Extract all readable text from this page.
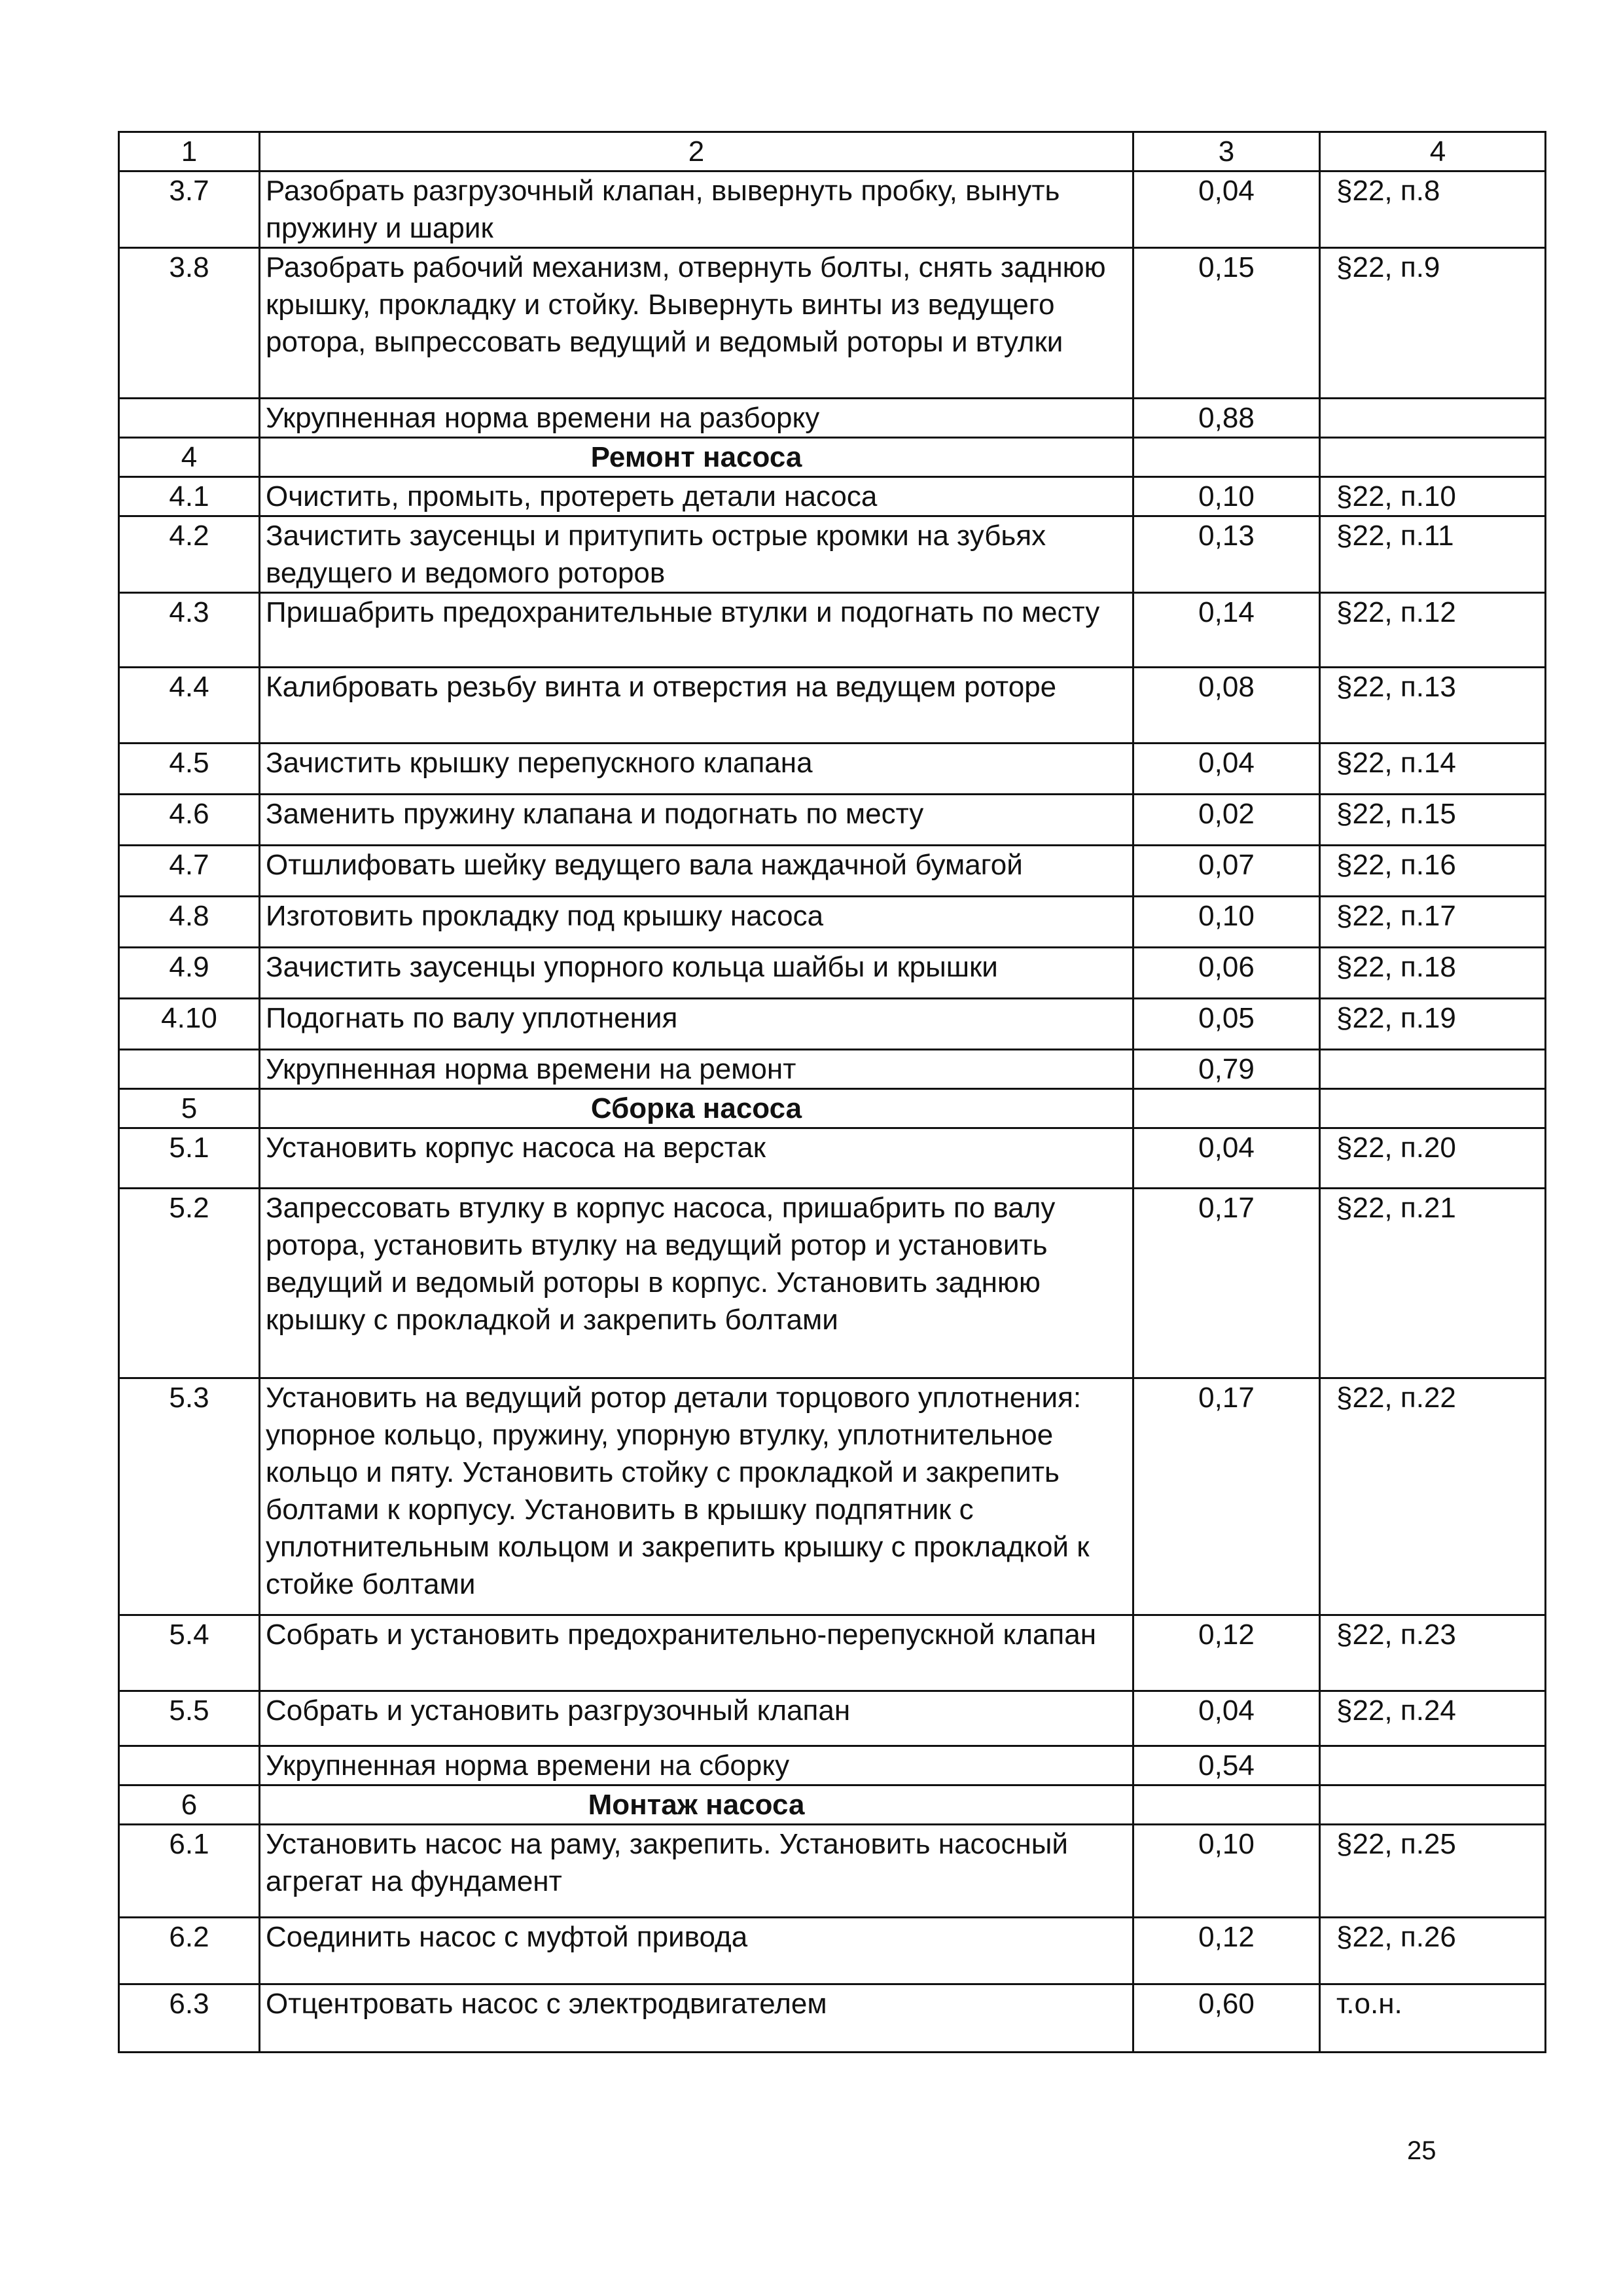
1	2	3	4
3.7	Разобрать разгрузочный клапан, вывернуть пробку, вынуть пружину и шарик	0,04	§22, п.8
3.8	Разобрать рабочий механизм, отвернуть болты, снять заднюю крышку, прокладку и стойку. Вывернуть винты из ведущего ротора, выпрессовать ведущий и ведомый роторы и втулки	0,15	§22, п.9
	Укрупненная норма времени на разборку	0,88	
4	Ремонт насоса		
4.1	Очистить, промыть, протереть детали насоса	0,10	§22, п.10
4.2	Зачистить заусенцы и притупить острые кромки на зубьях ведущего и ведомого роторов	0,13	§22, п.11
4.3	Пришабрить предохранительные втулки и подогнать по месту	0,14	§22, п.12
4.4	Калибровать резьбу винта и отверстия на ведущем роторе	0,08	§22, п.13
4.5	Зачистить крышку перепускного клапана	0,04	§22, п.14
4.6	Заменить пружину клапана и подогнать по месту	0,02	§22, п.15
4.7	Отшлифовать шейку ведущего вала наждачной бумагой	0,07	§22, п.16
4.8	Изготовить прокладку под крышку насоса	0,10	§22, п.17
4.9	Зачистить заусенцы упорного кольца шайбы и крышки	0,06	§22, п.18
4.10	Подогнать по валу уплотнения	0,05	§22, п.19
	Укрупненная норма времени на ремонт	0,79	
5	Сборка насоса		
5.1	Установить корпус насоса на верстак	0,04	§22, п.20
5.2	Запрессовать втулку в корпус насоса, пришабрить по валу ротора, установить втулку на ведущий ротор и установить ведущий и ведомый роторы в корпус. Установить заднюю крышку с прокладкой и закрепить болтами	0,17	§22, п.21
5.3	Установить на ведущий ротор детали торцового уплотнения: упорное кольцо, пружину, упорную втулку, уплотнительное кольцо и пяту. Установить стойку с прокладкой и закрепить болтами к корпусу. Установить в крышку подпятник с уплотнительным кольцом и закрепить крышку с прокладкой к стойке болтами	0,17	§22, п.22
5.4	Собрать и установить предохранительно-перепускной клапан	0,12	§22, п.23
5.5	Собрать и установить разгрузочный клапан	0,04	§22, п.24
	Укрупненная норма времени на сборку	0,54	
6	Монтаж насоса		
6.1	Установить насос на раму, закрепить. Установить насосный агрегат на фундамент	0,10	§22, п.25
6.2	Соединить насос с муфтой привода	0,12	§22, п.26
6.3	Отцентровать насос с электродвигателем	0,60	т.о.н.
25
